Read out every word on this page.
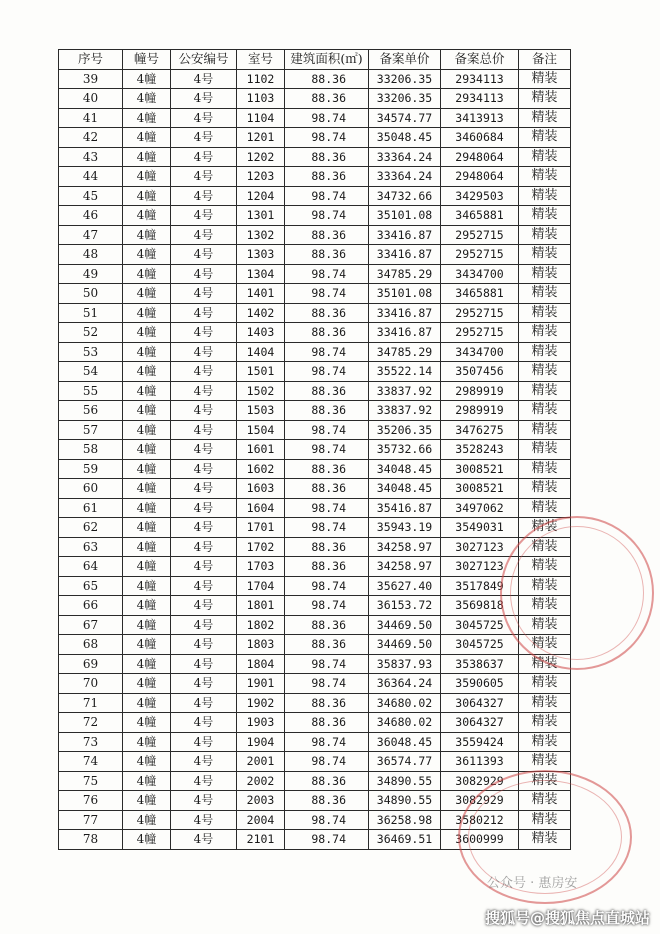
序号	幢号	公安编号	室号	建筑面积(㎡)	备案单价	备案总价	备注
39	4幢	4号	1102	88.36	33206.35	2934113	精装
40	4幢	4号	1103	88.36	33206.35	2934113	精装
41	4幢	4号	1104	98.74	34574.77	3413913	精装
42	4幢	4号	1201	98.74	35048.45	3460684	精装
43	4幢	4号	1202	88.36	33364.24	2948064	精装
44	4幢	4号	1203	88.36	33364.24	2948064	精装
45	4幢	4号	1204	98.74	34732.66	3429503	精装
46	4幢	4号	1301	98.74	35101.08	3465881	精装
47	4幢	4号	1302	88.36	33416.87	2952715	精装
48	4幢	4号	1303	88.36	33416.87	2952715	精装
49	4幢	4号	1304	98.74	34785.29	3434700	精装
50	4幢	4号	1401	98.74	35101.08	3465881	精装
51	4幢	4号	1402	88.36	33416.87	2952715	精装
52	4幢	4号	1403	88.36	33416.87	2952715	精装
53	4幢	4号	1404	98.74	34785.29	3434700	精装
54	4幢	4号	1501	98.74	35522.14	3507456	精装
55	4幢	4号	1502	88.36	33837.92	2989919	精装
56	4幢	4号	1503	88.36	33837.92	2989919	精装
57	4幢	4号	1504	98.74	35206.35	3476275	精装
58	4幢	4号	1601	98.74	35732.66	3528243	精装
59	4幢	4号	1602	88.36	34048.45	3008521	精装
60	4幢	4号	1603	88.36	34048.45	3008521	精装
61	4幢	4号	1604	98.74	35416.87	3497062	精装
62	4幢	4号	1701	98.74	35943.19	3549031	精装
63	4幢	4号	1702	88.36	34258.97	3027123	精装
64	4幢	4号	1703	88.36	34258.97	3027123	精装
65	4幢	4号	1704	98.74	35627.40	3517849	精装
66	4幢	4号	1801	98.74	36153.72	3569818	精装
67	4幢	4号	1802	88.36	34469.50	3045725	精装
68	4幢	4号	1803	88.36	34469.50	3045725	精装
69	4幢	4号	1804	98.74	35837.93	3538637	精装
70	4幢	4号	1901	98.74	36364.24	3590605	精装
71	4幢	4号	1902	88.36	34680.02	3064327	精装
72	4幢	4号	1903	88.36	34680.02	3064327	精装
73	4幢	4号	1904	98.74	36048.45	3559424	精装
74	4幢	4号	2001	98.74	36574.77	3611393	精装
75	4幢	4号	2002	88.36	34890.55	3082929	精装
76	4幢	4号	2003	88.36	34890.55	3082929	精装
77	4幢	4号	2004	98.74	36258.98	3580212	精装
78	4幢	4号	2101	98.74	36469.51	3600999	精装
公众号 · 惠房安
搜狐号@搜狐焦点直城站
